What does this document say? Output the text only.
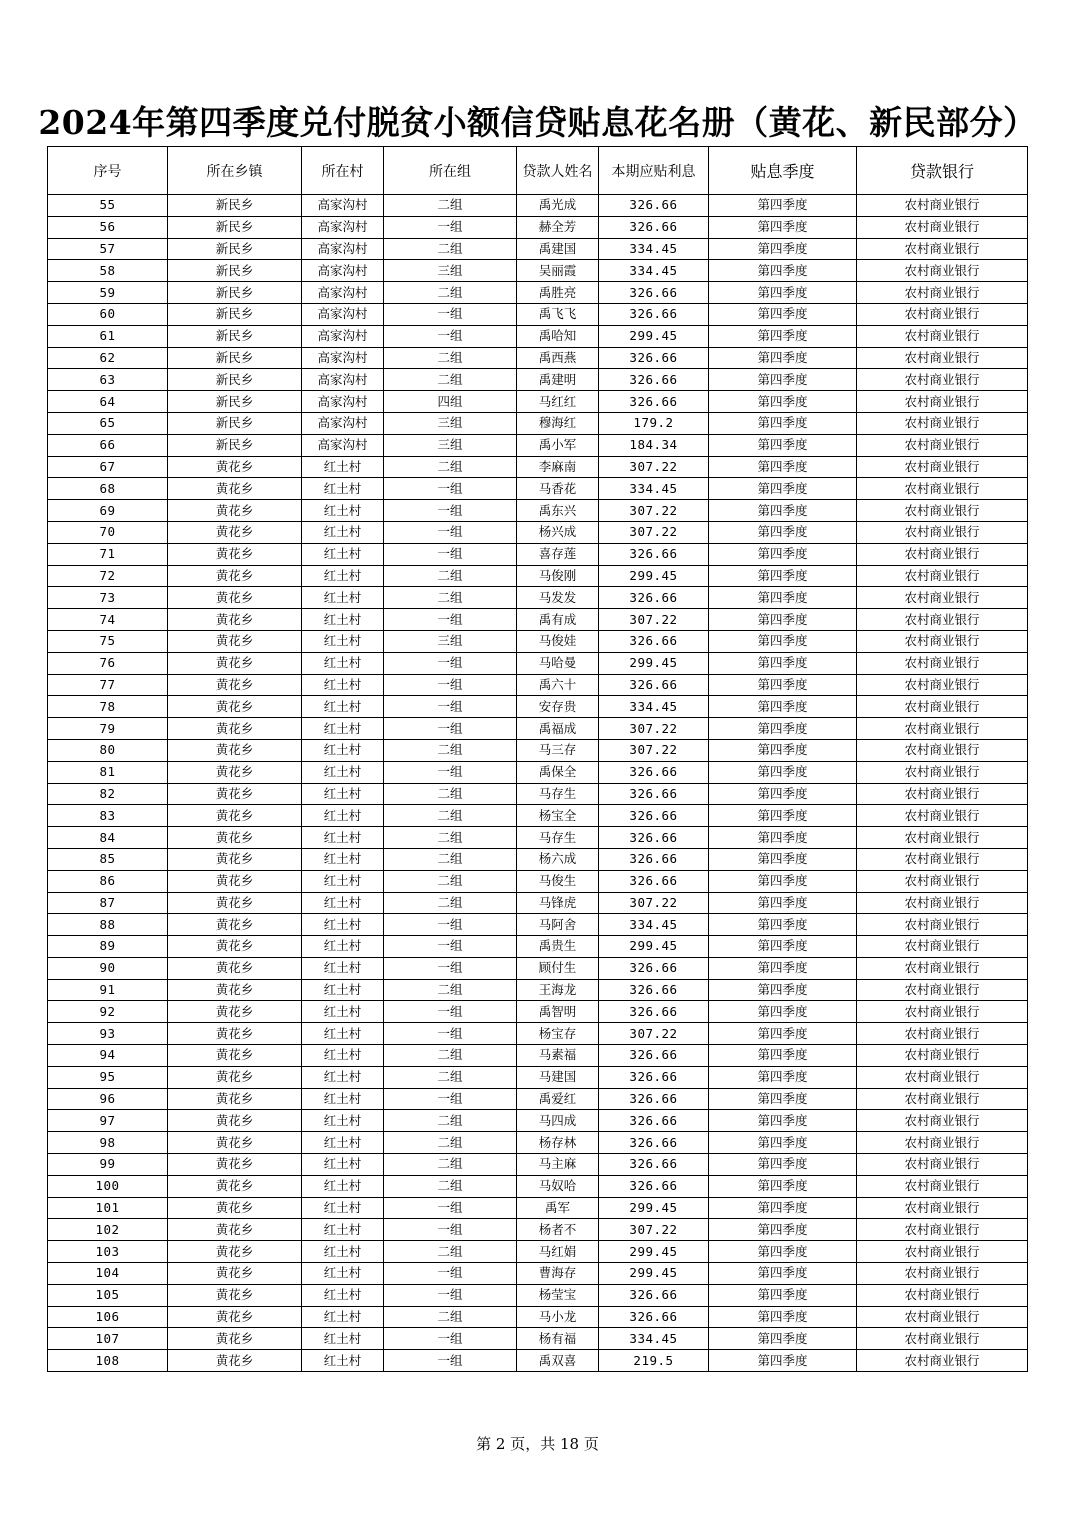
2024年第四季度兑付脱贫小额信贷贴息花名册（黄花、新民部分）
序号	所在乡镇	所在村	所在组	贷款人姓名	本期应贴利息	贴息季度	贷款银行
55	新民乡	高家沟村	二组	禹光成	326.66	第四季度	农村商业银行
56	新民乡	高家沟村	一组	赫全芳	326.66	第四季度	农村商业银行
57	新民乡	高家沟村	二组	禹建国	334.45	第四季度	农村商业银行
58	新民乡	高家沟村	三组	吴丽霞	334.45	第四季度	农村商业银行
59	新民乡	高家沟村	二组	禹胜亮	326.66	第四季度	农村商业银行
60	新民乡	高家沟村	一组	禹飞飞	326.66	第四季度	农村商业银行
61	新民乡	高家沟村	一组	禹哈知	299.45	第四季度	农村商业银行
62	新民乡	高家沟村	二组	禹西燕	326.66	第四季度	农村商业银行
63	新民乡	高家沟村	二组	禹建明	326.66	第四季度	农村商业银行
64	新民乡	高家沟村	四组	马红红	326.66	第四季度	农村商业银行
65	新民乡	高家沟村	三组	穆海红	179.2	第四季度	农村商业银行
66	新民乡	高家沟村	三组	禹小军	184.34	第四季度	农村商业银行
67	黄花乡	红土村	二组	李麻南	307.22	第四季度	农村商业银行
68	黄花乡	红土村	一组	马香花	334.45	第四季度	农村商业银行
69	黄花乡	红土村	一组	禹东兴	307.22	第四季度	农村商业银行
70	黄花乡	红土村	一组	杨兴成	307.22	第四季度	农村商业银行
71	黄花乡	红土村	一组	喜存莲	326.66	第四季度	农村商业银行
72	黄花乡	红土村	二组	马俊刚	299.45	第四季度	农村商业银行
73	黄花乡	红土村	二组	马发发	326.66	第四季度	农村商业银行
74	黄花乡	红土村	一组	禹有成	307.22	第四季度	农村商业银行
75	黄花乡	红土村	三组	马俊娃	326.66	第四季度	农村商业银行
76	黄花乡	红土村	一组	马哈曼	299.45	第四季度	农村商业银行
77	黄花乡	红土村	一组	禹六十	326.66	第四季度	农村商业银行
78	黄花乡	红土村	一组	安存贵	334.45	第四季度	农村商业银行
79	黄花乡	红土村	一组	禹福成	307.22	第四季度	农村商业银行
80	黄花乡	红土村	二组	马三存	307.22	第四季度	农村商业银行
81	黄花乡	红土村	一组	禹保全	326.66	第四季度	农村商业银行
82	黄花乡	红土村	二组	马存生	326.66	第四季度	农村商业银行
83	黄花乡	红土村	二组	杨宝全	326.66	第四季度	农村商业银行
84	黄花乡	红土村	二组	马存生	326.66	第四季度	农村商业银行
85	黄花乡	红土村	二组	杨六成	326.66	第四季度	农村商业银行
86	黄花乡	红土村	二组	马俊生	326.66	第四季度	农村商业银行
87	黄花乡	红土村	二组	马锋虎	307.22	第四季度	农村商业银行
88	黄花乡	红土村	一组	马阿舍	334.45	第四季度	农村商业银行
89	黄花乡	红土村	一组	禹贵生	299.45	第四季度	农村商业银行
90	黄花乡	红土村	一组	顾付生	326.66	第四季度	农村商业银行
91	黄花乡	红土村	二组	王海龙	326.66	第四季度	农村商业银行
92	黄花乡	红土村	一组	禹智明	326.66	第四季度	农村商业银行
93	黄花乡	红土村	一组	杨宝存	307.22	第四季度	农村商业银行
94	黄花乡	红土村	二组	马素福	326.66	第四季度	农村商业银行
95	黄花乡	红土村	二组	马建国	326.66	第四季度	农村商业银行
96	黄花乡	红土村	一组	禹爱红	326.66	第四季度	农村商业银行
97	黄花乡	红土村	二组	马四成	326.66	第四季度	农村商业银行
98	黄花乡	红土村	二组	杨存林	326.66	第四季度	农村商业银行
99	黄花乡	红土村	二组	马主麻	326.66	第四季度	农村商业银行
100	黄花乡	红土村	二组	马奴哈	326.66	第四季度	农村商业银行
101	黄花乡	红土村	一组	禹军	299.45	第四季度	农村商业银行
102	黄花乡	红土村	一组	杨者不	307.22	第四季度	农村商业银行
103	黄花乡	红土村	二组	马红娟	299.45	第四季度	农村商业银行
104	黄花乡	红土村	一组	曹海存	299.45	第四季度	农村商业银行
105	黄花乡	红土村	一组	杨莹宝	326.66	第四季度	农村商业银行
106	黄花乡	红土村	二组	马小龙	326.66	第四季度	农村商业银行
107	黄花乡	红土村	一组	杨有福	334.45	第四季度	农村商业银行
108	黄花乡	红土村	一组	禹双喜	219.5	第四季度	农村商业银行
第 2 页，共 18 页
